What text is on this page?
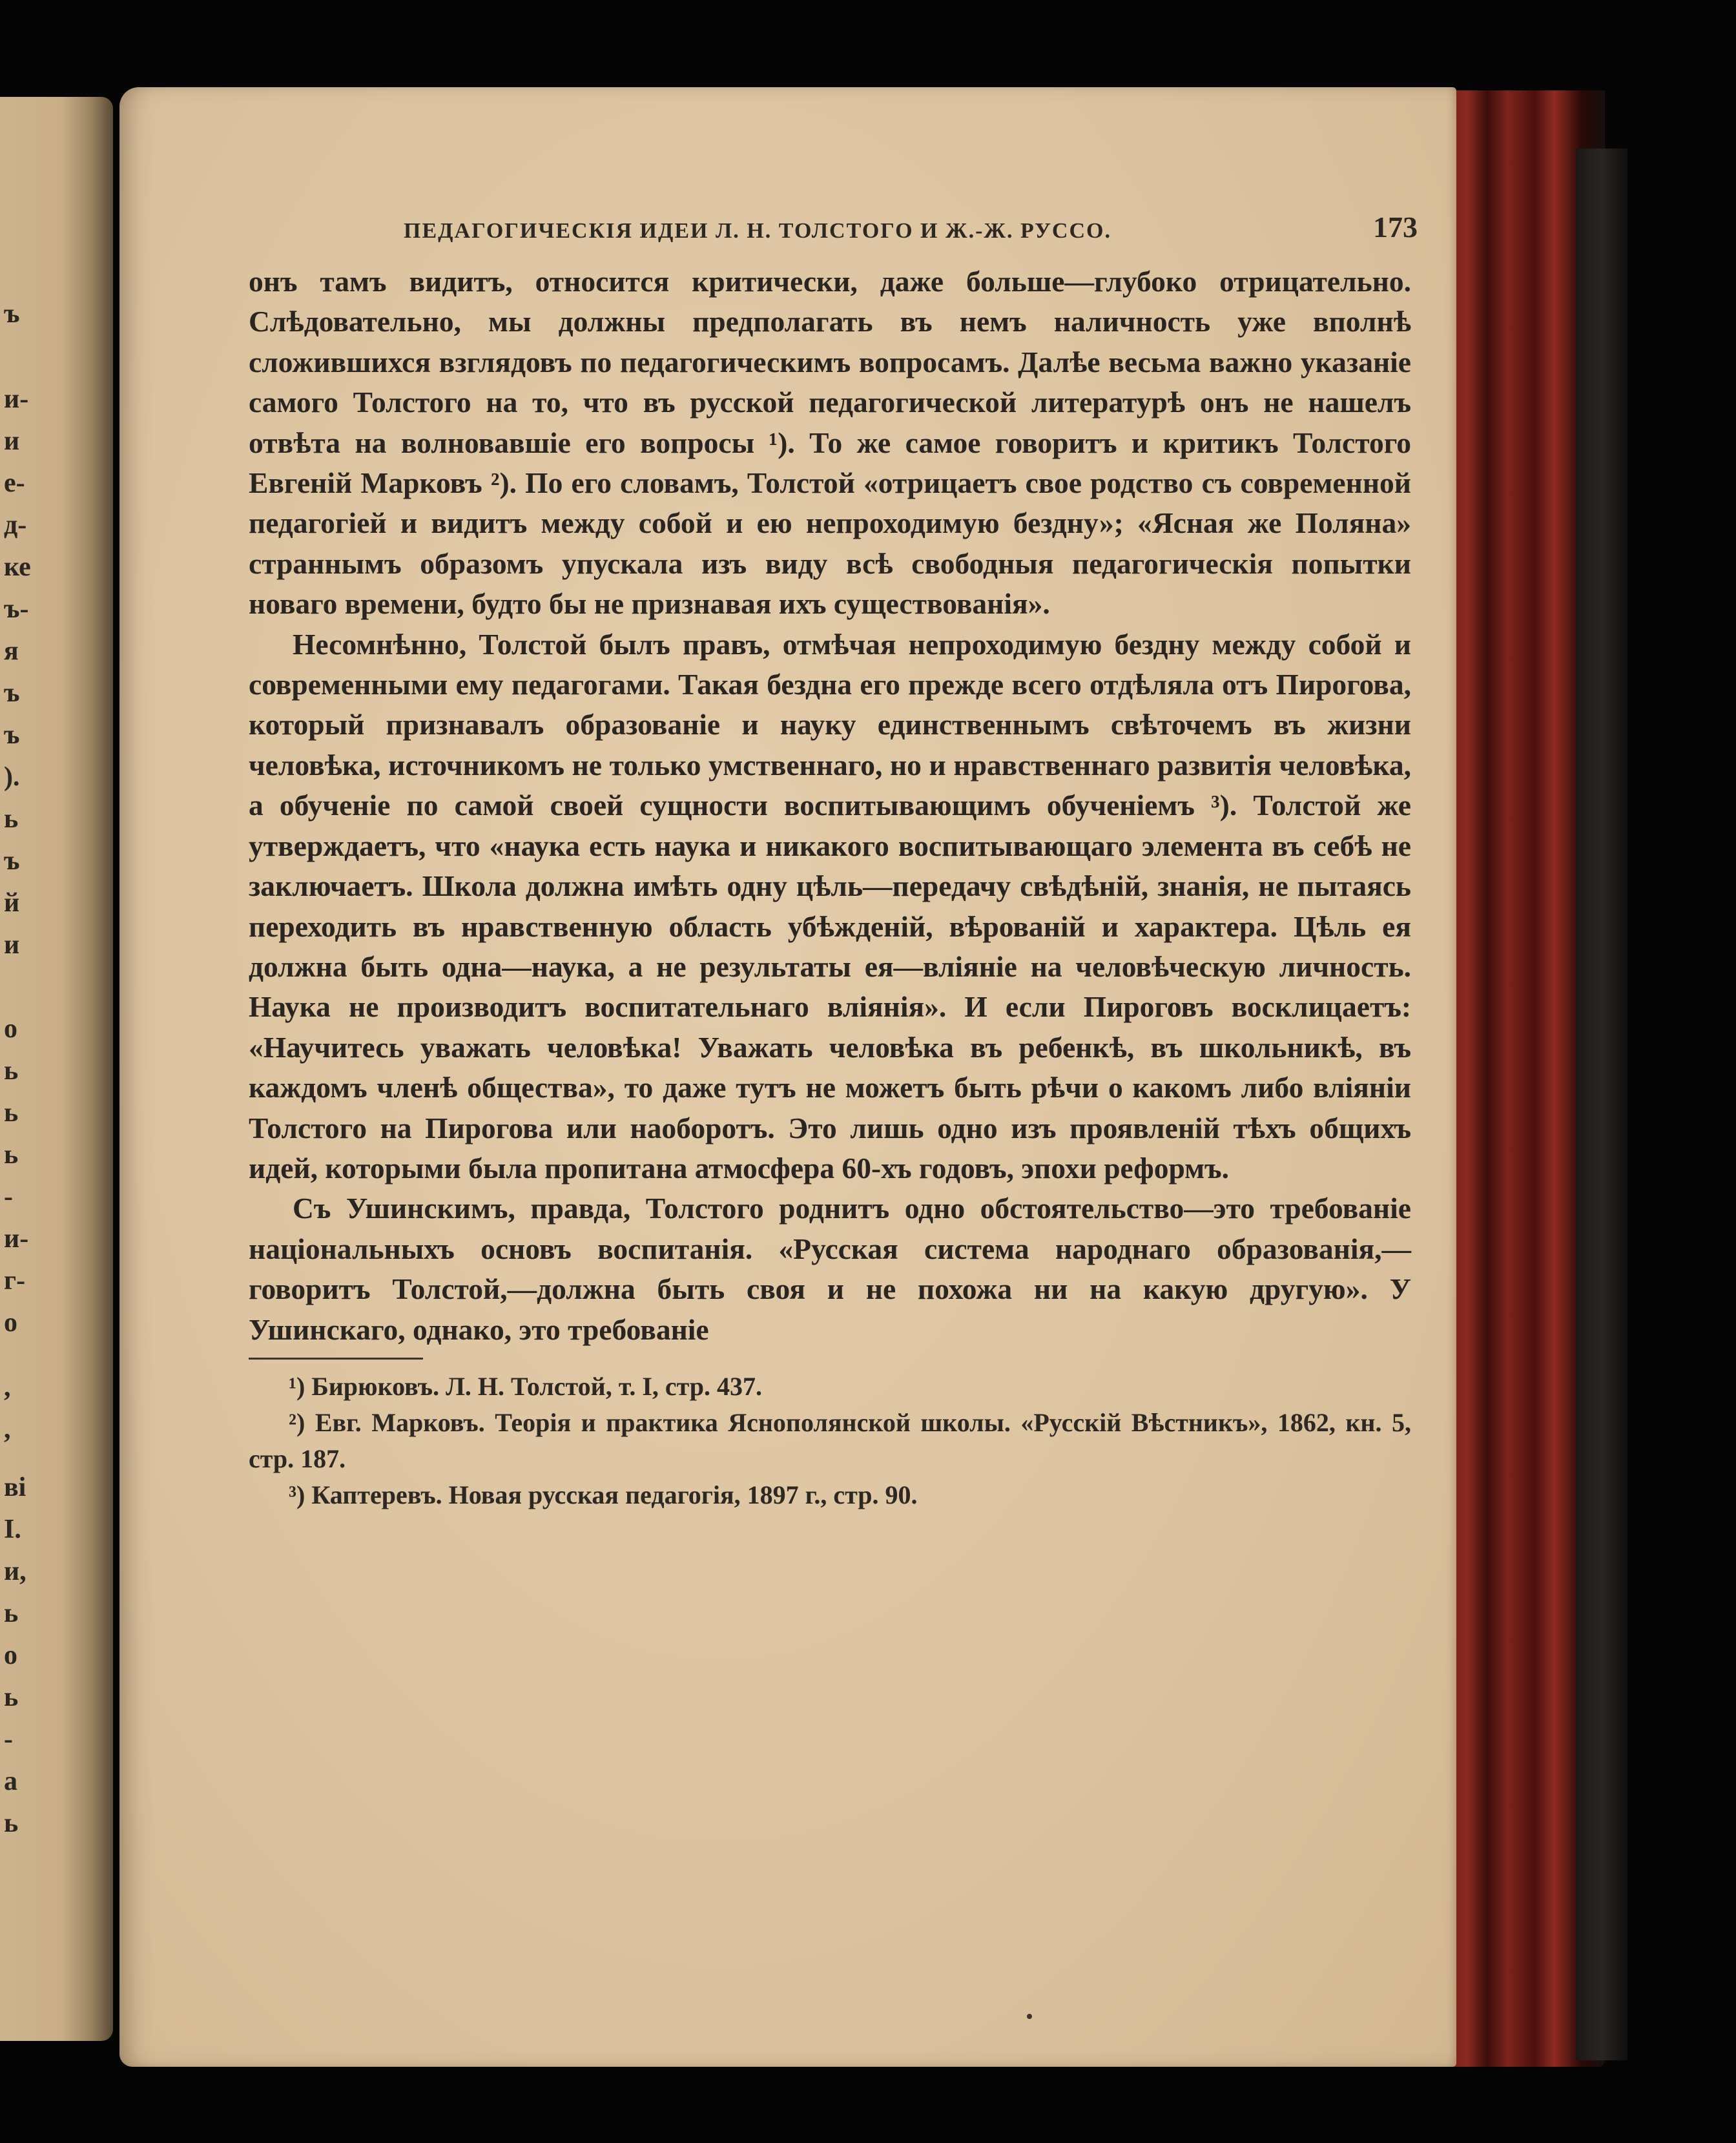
ъ
и-
и
е-
д-
ке
ъ-
я
ъ
ъ
).
ь
ъ
й
и
о
ь
ь
ь
-
и-
г-
о
,
,
ві
I.
и,
ь
о
ь
-
а
ь
ПЕДАГОГИЧЕСКІЯ ИДЕИ Л. Н. ТОЛСТОГО И Ж.-Ж. РУССО.	173

онъ тамъ видитъ, относится критически, даже больше—глубоко отрицательно. Слѣдовательно, мы должны предполагать въ немъ наличность уже вполнѣ сложившихся взглядовъ по педагогическимъ вопросамъ. Далѣе весьма важно указаніе самого Толстого на то, что въ русской педагогической литературѣ онъ не нашелъ отвѣта на волновавшіе его вопросы ¹). То же самое говоритъ и критикъ Толстого Евгеній Марковъ ²). По его словамъ, Толстой «отрицаетъ свое родство съ современной педагогіей и видитъ между собой и ею непроходимую бездну»; «Ясная же Поляна» страннымъ образомъ упускала изъ виду всѣ свободныя педагогическія попытки новаго времени, будто бы не признавая ихъ существованія».

Несомнѣнно, Толстой былъ правъ, отмѣчая непроходимую бездну между собой и современными ему педагогами. Такая бездна его прежде всего отдѣляла отъ Пирогова, который признавалъ образованіе и науку единственнымъ свѣточемъ въ жизни человѣка, источникомъ не только умственнаго, но и нравственнаго развитія человѣка, а обученіе по самой своей сущности воспитывающимъ обученіемъ ³). Толстой же утверждаетъ, что «наука есть наука и никакого воспитывающаго элемента въ себѣ не заключаетъ. Школа должна имѣть одну цѣль—передачу свѣдѣній, знанія, не пытаясь переходить въ нравственную область убѣжденій, вѣрованій и характера. Цѣль ея должна быть одна—наука, а не результаты ея—вліяніе на человѣческую личность. Наука не производитъ воспитательнаго вліянія». И если Пироговъ восклицаетъ: «Научитесь уважать человѣка! Уважать человѣка въ ребенкѣ, въ школьникѣ, въ каждомъ членѣ общества», то даже тутъ не можетъ быть рѣчи о какомъ либо вліяніи Толстого на Пирогова или наоборотъ. Это лишь одно изъ проявленій тѣхъ общихъ идей, которыми была пропитана атмосфера 60-хъ годовъ, эпохи реформъ.

Съ Ушинскимъ, правда, Толстого роднитъ одно обстоятельство—это требованіе національныхъ основъ воспитанія. «Русская система народнаго образованія,—говоритъ Толстой,—должна быть своя и не похожа ни на какую другую». У Ушинскаго, однако, это требованіе

¹) Бирюковъ. Л. Н. Толстой, т. I, стр. 437.

²) Евг. Марковъ. Теорія и практика Яснополянской школы. «Русскій Вѣстникъ», 1862, кн. 5, стр. 187.

³) Каптеревъ. Новая русская педагогія, 1897 г., стр. 90.
